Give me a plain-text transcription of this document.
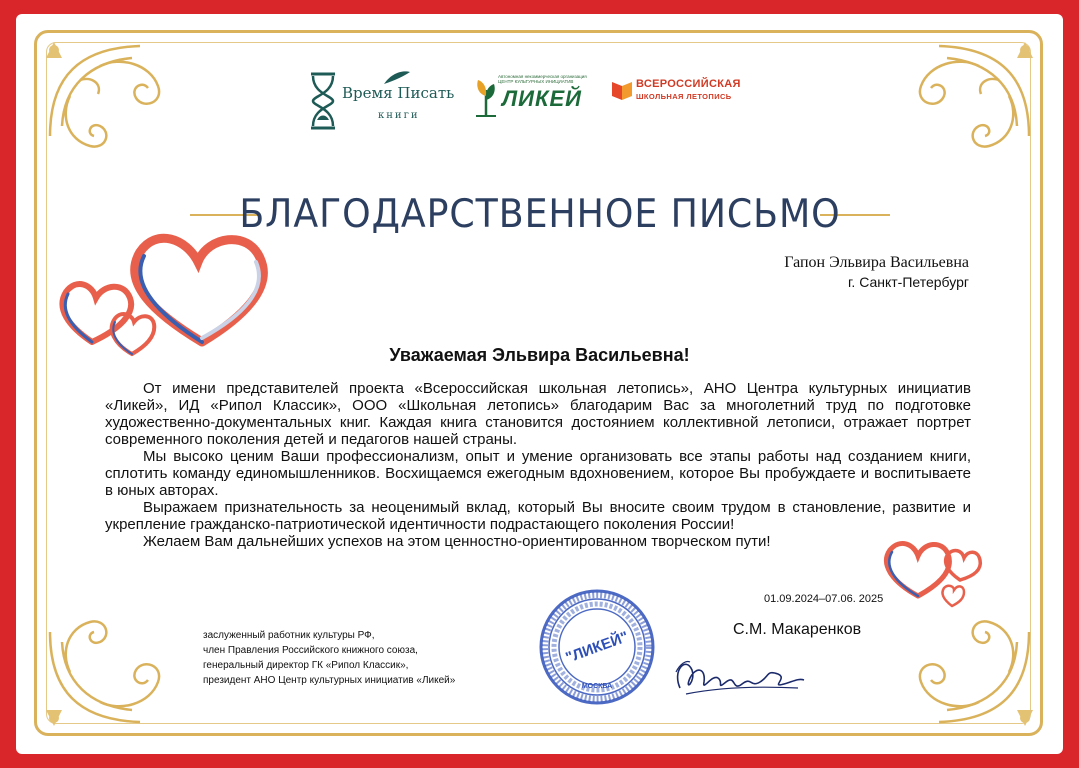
Время Писать
книги
Автономная некоммерческая организация ЦЕНТР КУЛЬТУРНЫХ ИНИЦИАТИВ
ЛИКЕЙ
ВСЕРОССИЙСКАЯ
ШКОЛЬНАЯ ЛЕТОПИСЬ
БЛАГОДАРСТВЕННОЕ ПИСЬМО
Гапон Эльвира Васильевна
г. Санкт-Петербург
Уважаемая Эльвира Васильевна!

От имени представителей проекта «Всероссийская школьная летопись», АНО Центра культурных инициатив «Ликей», ИД «Рипол Классик», ООО «Школьная летопись» благодарим Вас за многолетний труд по подготовке художественно-документальных книг. Каждая книга становится достоянием коллективной летописи, отражает портрет современного поколения детей и педагогов нашей страны.

Мы высоко ценим Ваши профессионализм, опыт и умение организовать все этапы работы над созданием книги, сплотить команду единомышленников. Восхищаемся ежегодным вдохновением, которое Вы пробуждаете и воспитываете в юных авторах.

Выражаем признательность за неоценимый вклад, который Вы вносите своим трудом в становление, развитие и укрепление гражданско-патриотической идентичности подрастающего поколения России!

Желаем Вам дальнейших успехов на этом ценностно-ориентированном творческом пути!

01.09.2024–07.06. 2025
С.М. Макаренков
заслуженный работник культуры РФ,
член Правления Российского книжного союза,
генеральный директор ГК «Рипол Классик»,
президент АНО Центр культурных инициатив «Ликей»
"ЛИКЕЙ"
МОСКВА
